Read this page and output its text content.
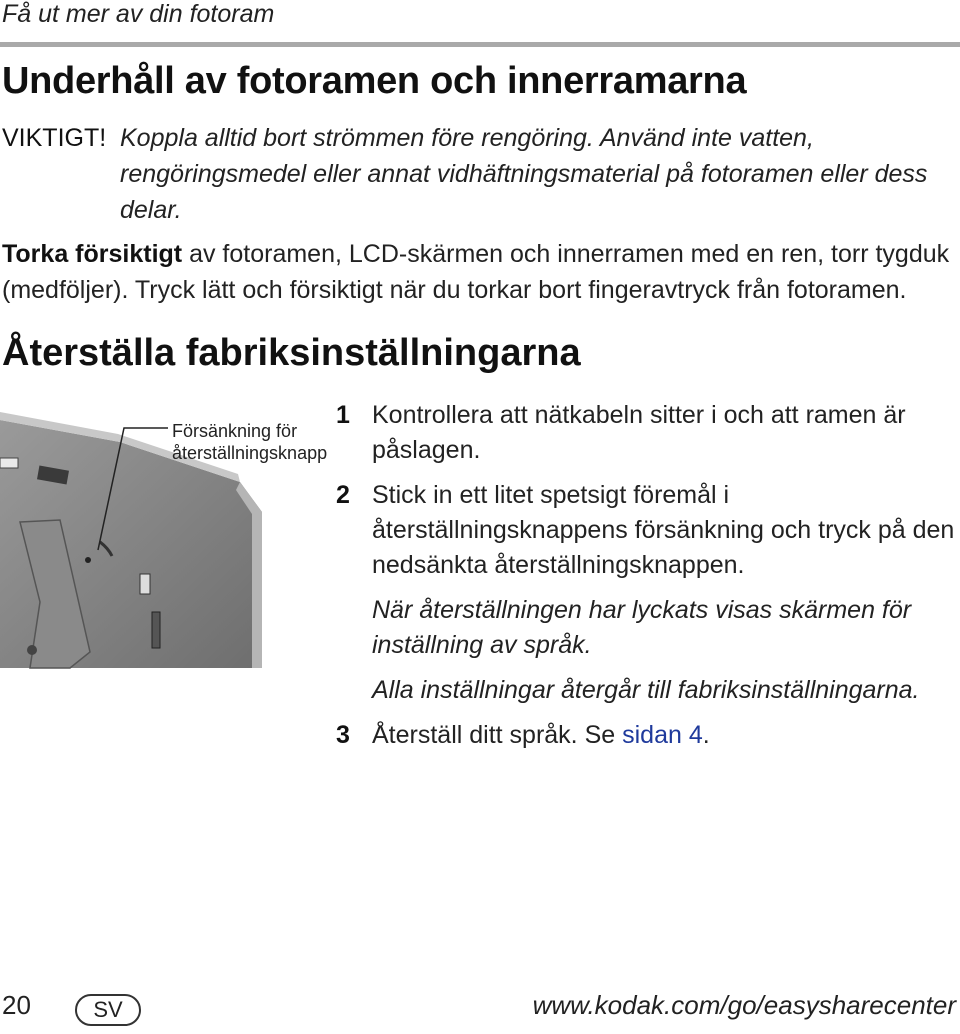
Få ut mer av din fotoram
Underhåll av fotoramen och innerramarna
VIKTIGT! Koppla alltid bort strömmen före rengöring. Använd inte vatten, rengöringsmedel eller annat vidhäftningsmaterial på fotoramen eller dess delar.
Torka försiktigt av fotoramen, LCD-skärmen och innerramen med en ren, torr tygduk (medföljer). Tryck lätt och försiktigt när du torkar bort fingeravtryck från fotoramen.
Återställa fabriksinställningarna
Försänkning för
återställningsknapp
1 Kontrollera att nätkabeln sitter i och att ramen är påslagen.
2 Stick in ett litet spetsigt föremål i återställningsknappens försänkning och tryck på den nedsänkta återställningsknappen.
När återställningen har lyckats visas skärmen för inställning av språk.
Alla inställningar återgår till fabriksinställningarna.
3 Återställ ditt språk. Se sidan 4.
20	SV	www.kodak.com/go/easysharecenter
